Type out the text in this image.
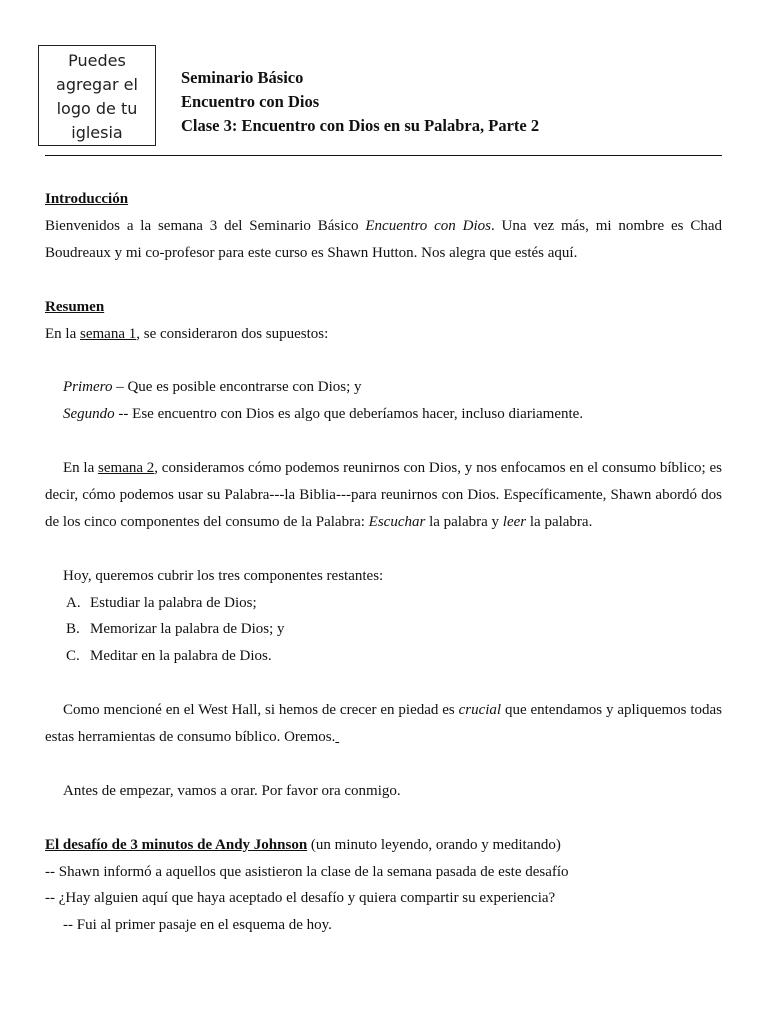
Puedes
agregar el
logo de tu
iglesia
Seminario Básico
Encuentro con Dios
Clase 3: Encuentro con Dios en su Palabra, Parte 2

Introducción

Bienvenidos a la semana 3 del Seminario Básico Encuentro con Dios. Una vez más, mi nombre es Chad Boudreaux y mi co-profesor para este curso es Shawn Hutton. Nos alegra que estés aquí.

Resumen

En la semana 1, se consideraron dos supuestos:

Primero – Que es posible encontrarse con Dios; y

Segundo -- Ese encuentro con Dios es algo que deberíamos hacer, incluso diariamente.

En la semana 2, consideramos cómo podemos reunirnos con Dios, y nos enfocamos en el consumo bíblico; es decir, cómo podemos usar su Palabra---la Biblia---para reunirnos con Dios. Específicamente, Shawn abordó dos de los cinco componentes del consumo de la Palabra: Escuchar la palabra y leer la palabra.

Hoy, queremos cubrir los tres componentes restantes:

A. Estudiar la palabra de Dios;

B. Memorizar la palabra de Dios; y

C. Meditar en la palabra de Dios.

Como mencioné en el West Hall, si hemos de crecer en piedad es crucial que entendamos y apliquemos todas estas herramientas de consumo bíblico. Oremos.

Antes de empezar, vamos a orar. Por favor ora conmigo.

El desafío de 3 minutos de Andy Johnson (un minuto leyendo, orando y meditando)

-- Shawn informó a aquellos que asistieron la clase de la semana pasada de este desafío

-- ¿Hay alguien aquí que haya aceptado el desafío y quiera compartir su experiencia?

-- Fui al primer pasaje en el esquema de hoy.
